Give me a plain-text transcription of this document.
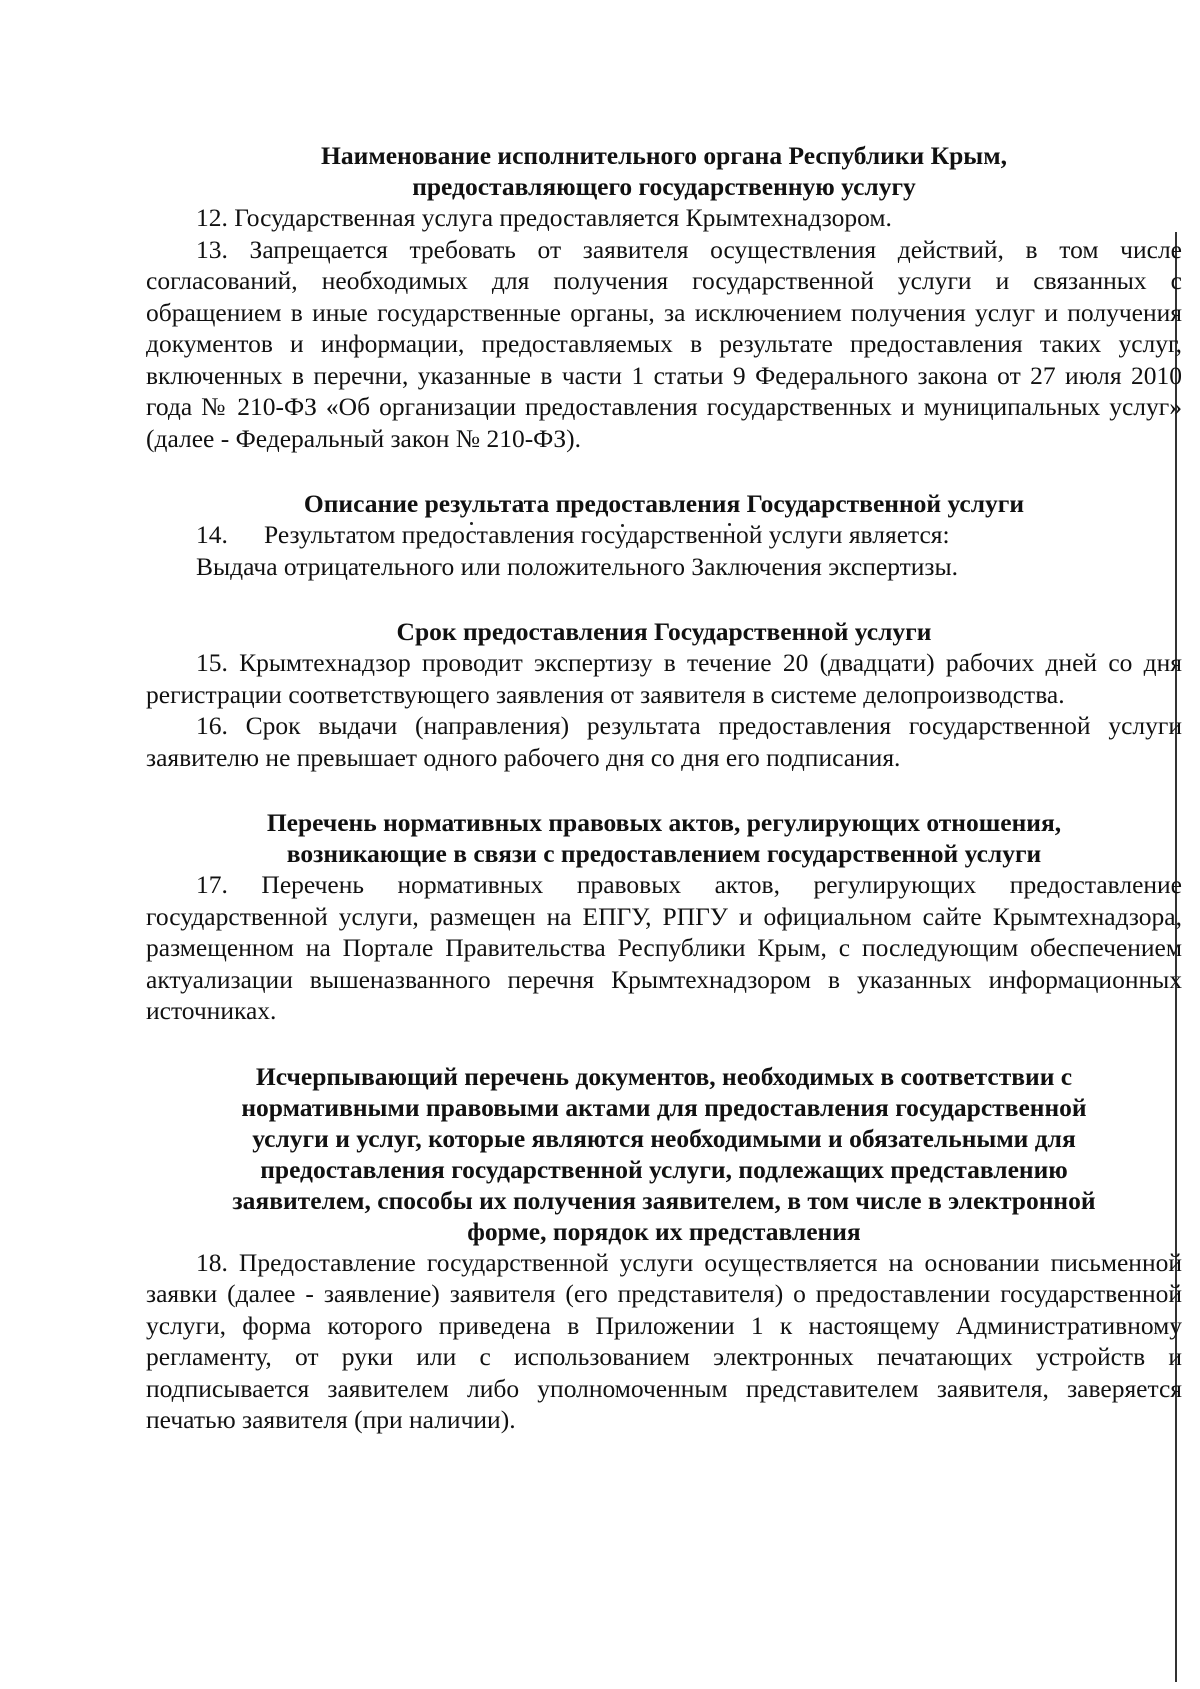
Наименование исполнительного органа Республики Крым,

предоставляющего государственную услугу

12. Государственная услуга предоставляется Крымтехнадзором.

13. Запрещается требовать от заявителя осуществления действий, в том числе согласований, необходимых для получения государственной услуги и связанных с обращением в иные государственные органы, за исключением получения услуг и получения документов и информации, предоставляемых в результате предоставления таких услуг, включенных в перечни, указанные в части 1 статьи 9 Федерального закона от 27 июля 2010 года № 210-ФЗ «Об организации предоставления государственных и муниципальных услуг» (далее - Федеральный закон № 210-ФЗ).

Описание результата предоставления Государственной услуги

14. Результатом предоставления государственной услуги является:

Выдача отрицательного или положительного Заключения экспертизы.

Срок предоставления Государственной услуги

15. Крымтехнадзор проводит экспертизу в течение 20 (двадцати) рабочих дней со дня регистрации соответствующего заявления от заявителя в системе делопроизводства.

16. Срок выдачи (направления) результата предоставления государственной услуги заявителю не превышает одного рабочего дня со дня его подписания.

Перечень нормативных правовых актов, регулирующих отношения,

возникающие в связи с предоставлением государственной услуги

17. Перечень нормативных правовых актов, регулирующих предоставление государственной услуги, размещен на ЕПГУ, РПГУ и официальном сайте Крымтехнадзора, размещенном на Портале Правительства Республики Крым, с последующим обеспечением актуализации вышеназванного перечня Крымтехнадзором в указанных информационных источниках.

Исчерпывающий перечень документов, необходимых в соответствии с

нормативными правовыми актами для предоставления государственной

услуги и услуг, которые являются необходимыми и обязательными для

предоставления государственной услуги, подлежащих представлению

заявителем, способы их получения заявителем, в том числе в электронной

форме, порядок их представления

18. Предоставление государственной услуги осуществляется на основании письменной заявки (далее - заявление) заявителя (его представителя) о предоставлении государственной услуги, форма которого приведена в Приложении 1 к настоящему Административному регламенту, от руки или с использованием электронных печатающих устройств и подписывается заявителем либо уполномоченным представителем заявителя, заверяется печатью заявителя (при наличии).
